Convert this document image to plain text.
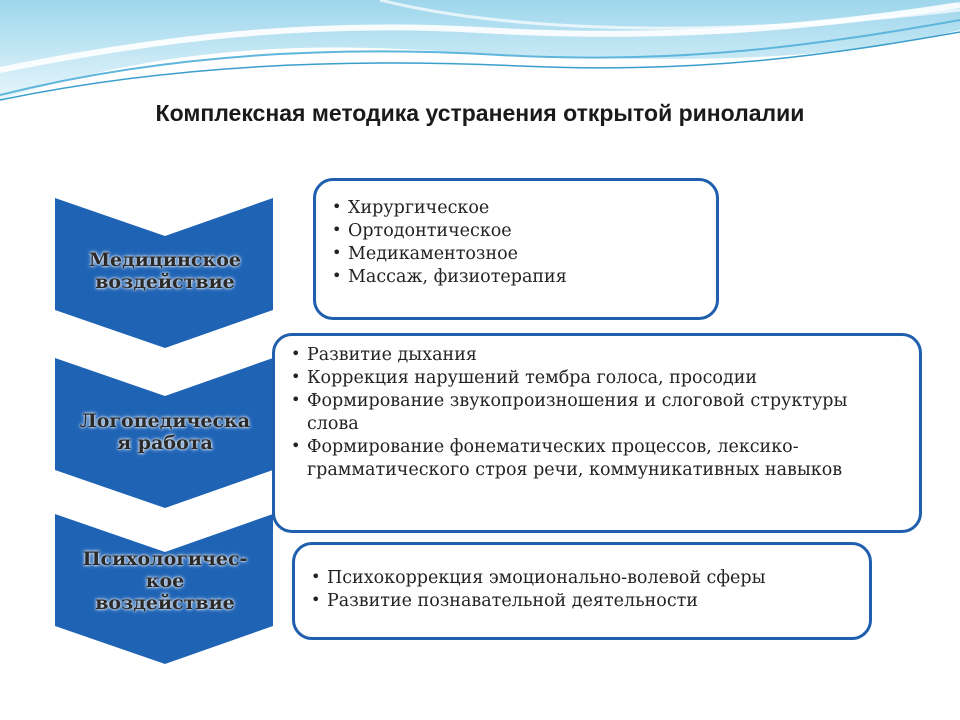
Комплексная методика устранения открытой ринолалии
Медицинское
воздействие
Логопедическа
я работа
Психологичес-
кое
воздействие
• Хирургическое
• Ортодонтическое
• Медикаментозное
• Массаж, физиотерапия
• Развитие дыхания
• Коррекция нарушений тембра голоса, просодии
• Формирование звукопроизношения и слоговой структуры слова
• Формирование фонематических процессов, лексико-грамматического строя речи, коммуникативных навыков
• Психокоррекция эмоционально-волевой сферы
• Развитие познавательной деятельности
